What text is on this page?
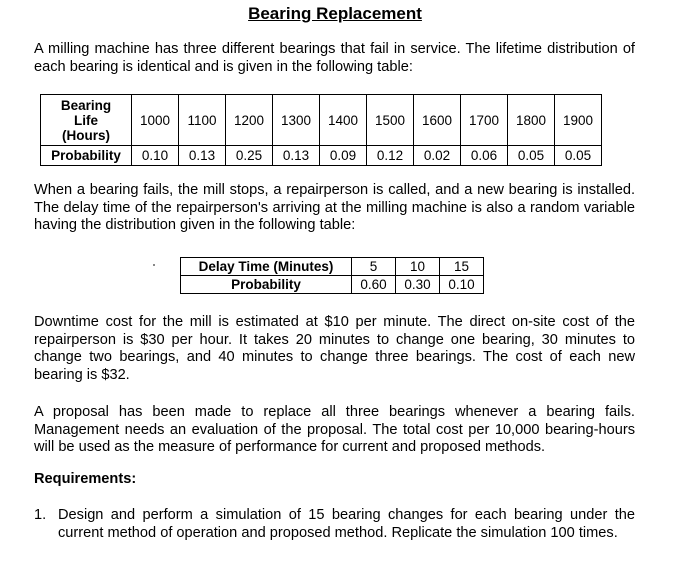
Bearing Replacement

A milling machine has three different bearings that fail in service. The lifetime distribution of each bearing is identical and is given in the following table:

Bearing
Life
(Hours)	1000	1100	1200	1300	1400	1500	1600	1700	1800	1900
Probability	0.10	0.13	0.25	0.13	0.09	0.12	0.02	0.06	0.05	0.05

When a bearing fails, the mill stops, a repairperson is called, and a new bearing is installed. The delay time of the repairperson's arriving at the milling machine is also a random variable having the distribution given in the following table:

Delay Time (Minutes)	5	10	15
Probability	0.60	0.30	0.10

Downtime cost for the mill is estimated at $10 per minute. The direct on-site cost of the repairperson is $30 per hour. It takes 20 minutes to change one bearing, 30 minutes to change two bearings, and 40 minutes to change three bearings. The cost of each new bearing is $32.

A proposal has been made to replace all three bearings whenever a bearing fails. Management needs an evaluation of the proposal. The total cost per 10,000 bearing-hours will be used as the measure of performance for current and proposed methods.

Requirements:

1. Design and perform a simulation of 15 bearing changes for each bearing under the current method of operation and proposed method. Replicate the simulation 100 times.
